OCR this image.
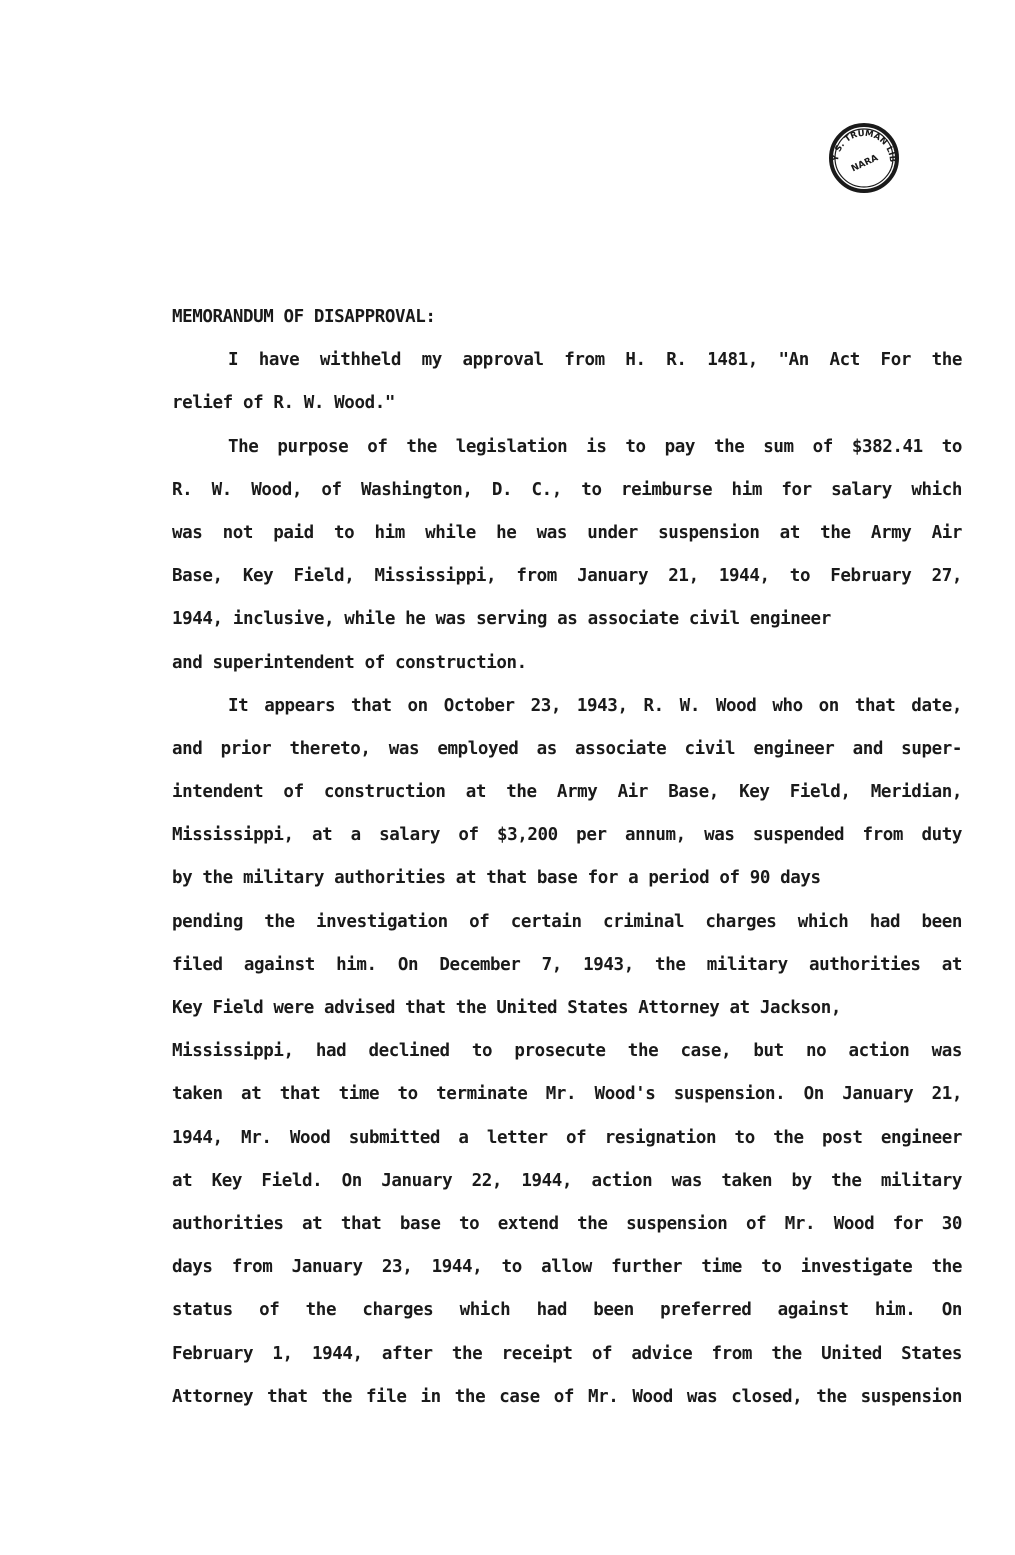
Y S. TRUMAN LIB
NARA
MEMORANDUM OF DISAPPROVAL:
I have withheld my approval from H. R. 1481, "An Act For the
relief of R. W. Wood."
The purpose of the legislation is to pay the sum of $382.41 to
R. W. Wood, of Washington, D. C., to reimburse him for salary which
was not paid to him while he was under suspension at the Army Air
Base, Key Field, Mississippi, from January 21, 1944, to February 27,
1944, inclusive, while he was serving as associate civil engineer
and superintendent of construction.
It appears that on October 23, 1943, R. W. Wood who on that date,
and prior thereto, was employed as associate civil engineer and super-
intendent of construction at the Army Air Base, Key Field, Meridian,
Mississippi, at a salary of $3,200 per annum, was suspended from duty
by the military authorities at that base for a period of 90 days
pending the investigation of certain criminal charges which had been
filed against him. On December 7, 1943, the military authorities at
Key Field were advised that the United States Attorney at Jackson,
Mississippi, had declined to prosecute the case, but no action was
taken at that time to terminate Mr. Wood's suspension. On January 21,
1944, Mr. Wood submitted a letter of resignation to the post engineer
at Key Field. On January 22, 1944, action was taken by the military
authorities at that base to extend the suspension of Mr. Wood for 30
days from January 23, 1944, to allow further time to investigate the
status of the charges which had been preferred against him. On
February 1, 1944, after the receipt of advice from the United States
Attorney that the file in the case of Mr. Wood was closed, the suspension
